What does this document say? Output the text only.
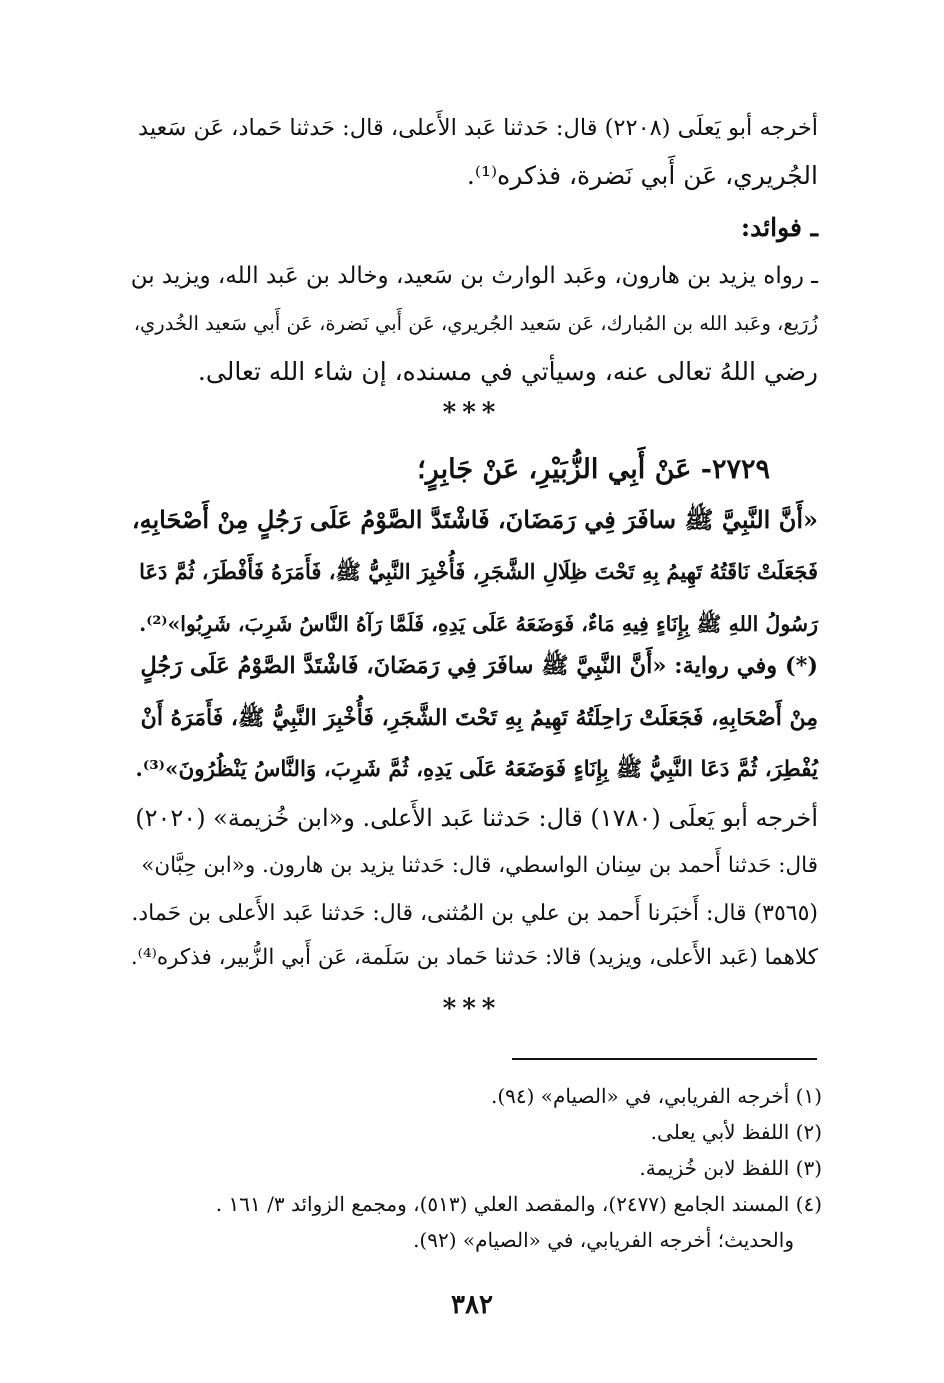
أخرجه أبو يَعلَى (٢٢٠٨) قال: حَدثنا عَبد الأَعلى، قال: حَدثنا حَماد، عَن سَعيد
الجُريري، عَن أَبي نَضرة، فذكره⁽¹⁾.
ـ فوائد:
ـ رواه يزيد بن هارون، وعَبد الوارث بن سَعيد، وخالد بن عَبد الله، ويزيد بن
زُرَيع، وعَبد الله بن المُبارك، عَن سَعيد الجُريري، عَن أَبي نَضرة، عَن أَبي سَعيد الخُدري،
رضي اللهُ تعالى عنه، وسيأتي في مسنده، إن شاء الله تعالى.
***
٢٧٢٩- عَنْ أَبِي الزُّبَيْرِ، عَنْ جَابِرٍ؛
«أَنَّ النَّبِيَّ ﷺ سافَرَ فِي رَمَضَانَ، فَاشْتَدَّ الصَّوْمُ عَلَى رَجُلٍ مِنْ أَصْحَابِهِ،
فَجَعَلَتْ نَاقَتُهُ تَهِيمُ بِهِ تَحْتَ ظِلَالِ الشَّجَرِ، فَأُخْبِرَ النَّبِيُّ ﷺ، فَأَمَرَهُ فَأَفْطَرَ، ثُمَّ دَعَا
رَسُولُ اللهِ ﷺ بِإِنَاءٍ فِيهِ مَاءٌ، فَوَضَعَهُ عَلَى يَدِهِ، فَلَمَّا رَآهُ النَّاسُ شَرِبَ، شَرِبُوا»⁽²⁾.
(*) وفي رواية: «أَنَّ النَّبِيَّ ﷺ سافَرَ فِي رَمَضَانَ، فَاشْتَدَّ الصَّوْمُ عَلَى رَجُلٍ
مِنْ أَصْحَابِهِ، فَجَعَلَتْ رَاحِلَتُهُ تَهِيمُ بِهِ تَحْتَ الشَّجَرِ، فَأُخْبِرَ النَّبِيُّ ﷺ، فَأَمَرَهُ أَنْ
يُفْطِرَ، ثُمَّ دَعَا النَّبِيُّ ﷺ بِإِنَاءٍ فَوَضَعَهُ عَلَى يَدِهِ، ثُمَّ شَرِبَ، وَالنَّاسُ يَنْظُرُونَ»⁽³⁾.
أخرجه أبو يَعلَى (١٧٨٠) قال: حَدثنا عَبد الأَعلى. و«ابن خُزيمة» (٢٠٢٠)
قال: حَدثنا أَحمد بن سِنان الواسطي، قال: حَدثنا يزيد بن هارون. و«ابن حِبَّان»
(٣٥٦٥) قال: أَخبَرنا أَحمد بن علي بن المُثنى، قال: حَدثنا عَبد الأَعلى بن حَماد.
كلاهما (عَبد الأَعلى، ويزيد) قالا: حَدثنا حَماد بن سَلَمة، عَن أَبي الزُّبير، فذكره⁽⁴⁾.
***
(١) أخرجه الفريابي، في «الصيام» (٩٤).
(٢) اللفظ لأبي يعلى.
(٣) اللفظ لابن خُزيمة.
(٤) المسند الجامع (٢٤٧٧)، والمقصد العلي (٥١٣)، ومجمع الزوائد ٣/ ١٦١ .
والحديث؛ أخرجه الفريابي، في «الصيام» (٩٢).
٣٨٢
